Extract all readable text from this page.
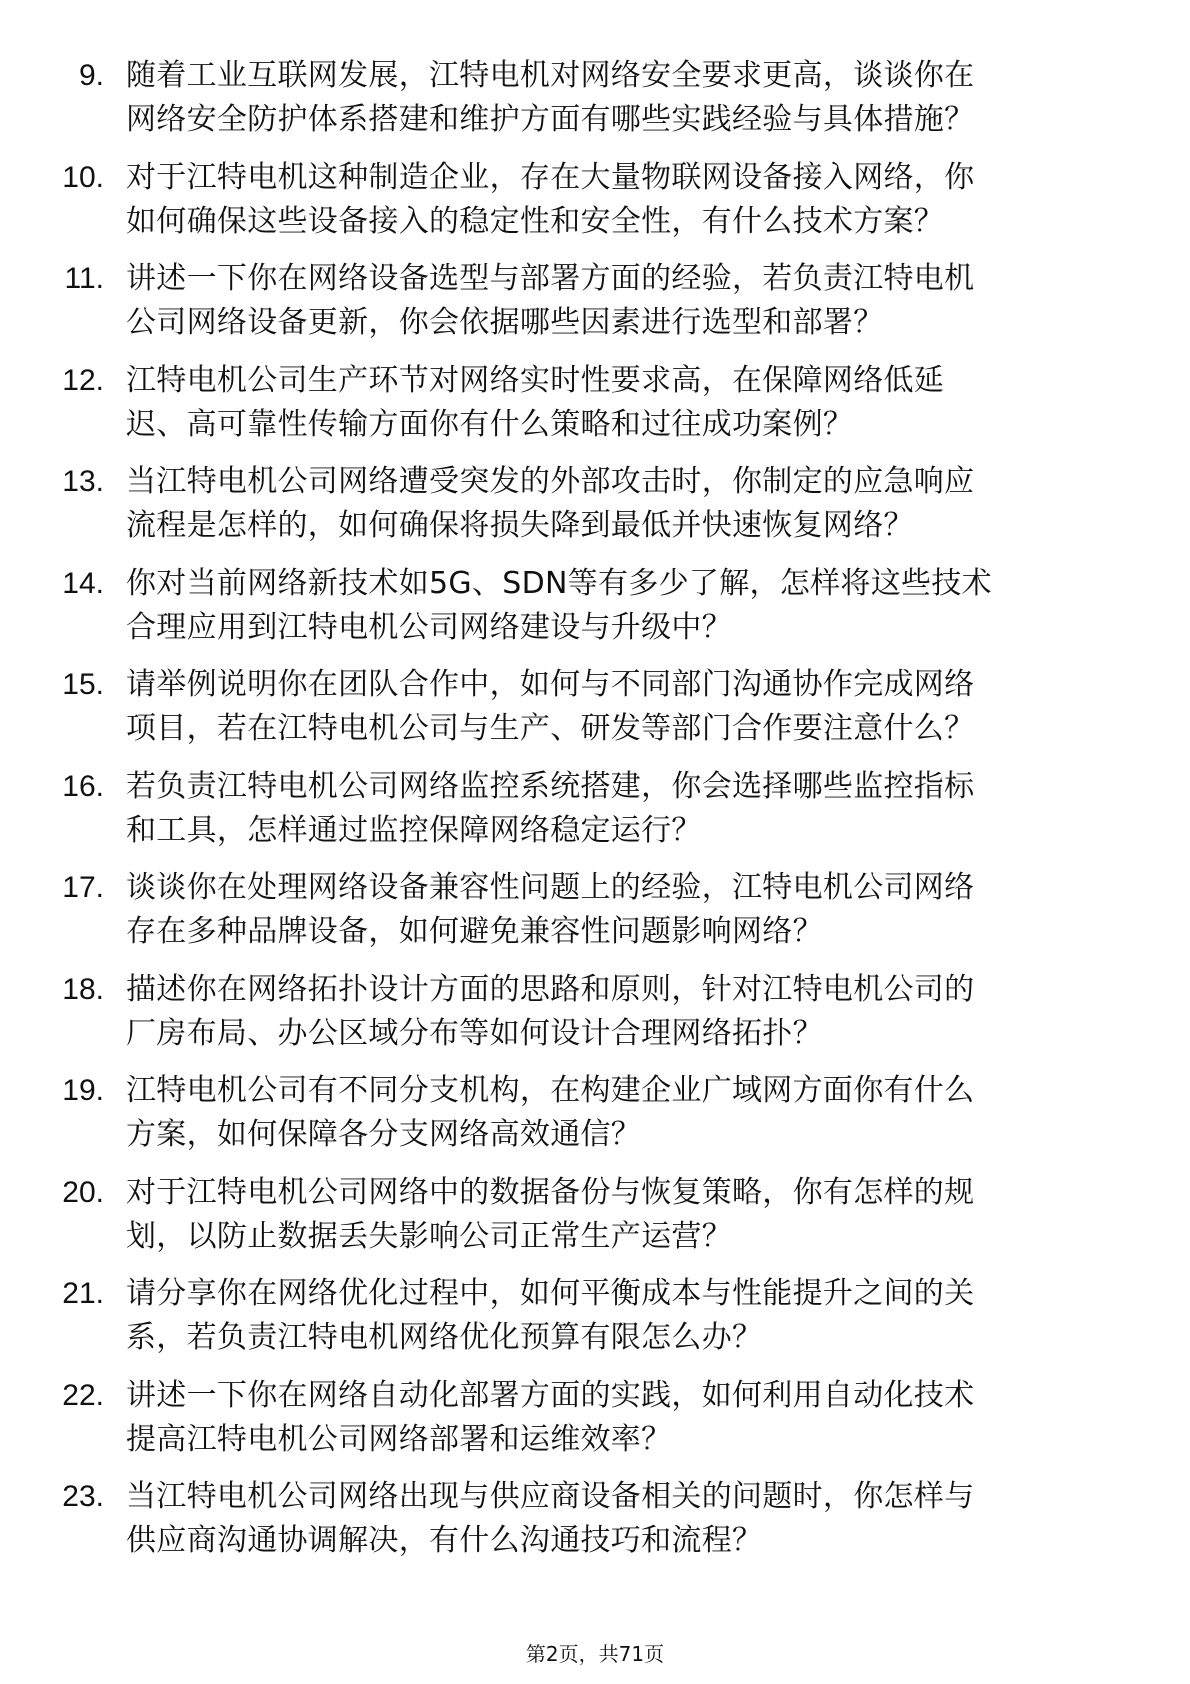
9. 随着工业互联网发展，江特电机对网络安全要求更高，谈谈你在
网络安全防护体系搭建和维护方面有哪些实践经验与具体措施？
10. 对于江特电机这种制造企业，存在大量物联网设备接入网络，你
如何确保这些设备接入的稳定性和安全性，有什么技术方案？
11. 讲述一下你在网络设备选型与部署方面的经验，若负责江特电机
公司网络设备更新，你会依据哪些因素进行选型和部署？
12. 江特电机公司生产环节对网络实时性要求高，在保障网络低延
迟、高可靠性传输方面你有什么策略和过往成功案例？
13. 当江特电机公司网络遭受突发的外部攻击时，你制定的应急响应
流程是怎样的，如何确保将损失降到最低并快速恢复网络？
14. 你对当前网络新技术如5G、SDN等有多少了解，怎样将这些技术
合理应用到江特电机公司网络建设与升级中？
15. 请举例说明你在团队合作中，如何与不同部门沟通协作完成网络
项目，若在江特电机公司与生产、研发等部门合作要注意什么？
16. 若负责江特电机公司网络监控系统搭建，你会选择哪些监控指标
和工具，怎样通过监控保障网络稳定运行？
17. 谈谈你在处理网络设备兼容性问题上的经验，江特电机公司网络
存在多种品牌设备，如何避免兼容性问题影响网络？
18. 描述你在网络拓扑设计方面的思路和原则，针对江特电机公司的
厂房布局、办公区域分布等如何设计合理网络拓扑？
19. 江特电机公司有不同分支机构，在构建企业广域网方面你有什么
方案，如何保障各分支网络高效通信？
20. 对于江特电机公司网络中的数据备份与恢复策略，你有怎样的规
划，以防止数据丢失影响公司正常生产运营？
21. 请分享你在网络优化过程中，如何平衡成本与性能提升之间的关
系，若负责江特电机网络优化预算有限怎么办？
22. 讲述一下你在网络自动化部署方面的实践，如何利用自动化技术
提高江特电机公司网络部署和运维效率？
23. 当江特电机公司网络出现与供应商设备相关的问题时，你怎样与
供应商沟通协调解决，有什么沟通技巧和流程？
第2页，共71页
